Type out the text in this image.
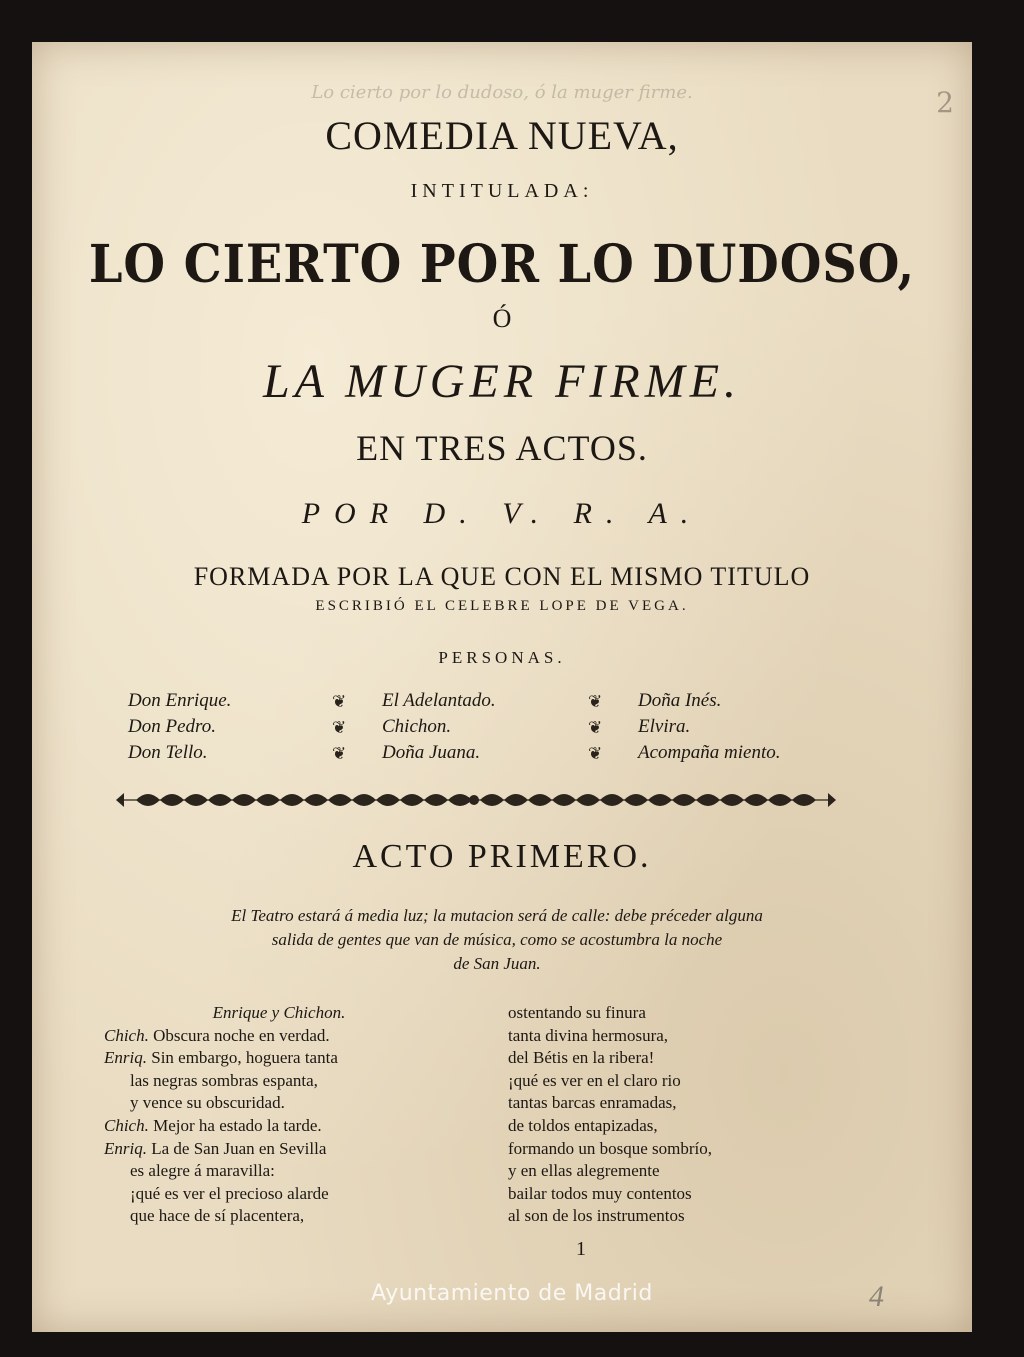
Lo cierto por lo dudoso, ó la muger firme.	2
COMEDIA NUEVA,
INTITULADA:
LO CIERTO POR LO DUDOSO,
Ó
LA MUGER FIRME.
EN TRES ACTOS.
POR D. V. R. A.
FORMADA POR LA QUE CON EL MISMO TITULO
ESCRIBIÓ EL CELEBRE LOPE DE VEGA.
PERSONAS.
Don Enrique.	❦ El Adelantado.	❦ Doña Inés.
Don Pedro.	❦ Chichon.	❦ Elvira.
Don Tello.	❦ Doña Juana.	❦ Acompaña miento.
ACTO PRIMERO.
El Teatro estará á media luz; la mutacion será de calle: debe préceder alguna
salida de gentes que van de música, como se acostumbra la noche
de San Juan.
Enrique y Chichon.
Chich. Obscura noche en verdad.
Enriq. Sin embargo, hoguera tanta
las negras sombras espanta,
y vence su obscuridad.
Chich. Mejor ha estado la tarde.
Enriq. La de San Juan en Sevilla
es alegre á maravilla:
¡qué es ver el precioso alarde
que hace de sí placentera,
ostentando su finura
tanta divina hermosura,
del Bétis en la ribera!
¡qué es ver en el claro rio
tantas barcas enramadas,
de toldos entapizadas,
formando un bosque sombrío,
y en ellas alegremente
bailar todos muy contentos
al son de los instrumentos
1
4
Ayuntamiento de Madrid
